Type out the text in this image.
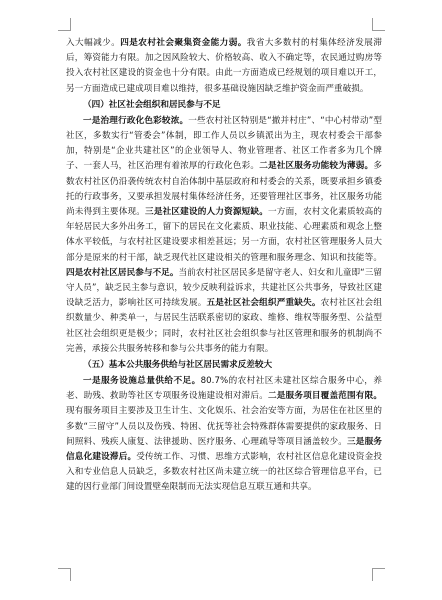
入大幅减少。四是农村社会聚集资金能力弱。我省大多数村的村集体经济发展滞后，筹资能力有限。加之因风险较大、价格较高、收入不确定等，农民通过购房等投入农村社区建设的资金也十分有限。由此一方面造成已经规划的项目难以开工，另一方面造成已建成项目难以维持，很多基础设施因缺乏维护资金而严重破损。

（四）社区社会组织和居民参与不足

一是治理行政化色彩较浓。一些农村社区特别是“撤并村庄”、“中心村带动”型社区，多数实行“管委会”体制，即工作人员以乡镇派出为主，现农村委会干部参加，特别是“企业共建社区”的企业领导人、物业管理者、社区工作者多为几个牌子、一套人马，社区治理有着浓厚的行政化色彩。二是社区服务功能较为薄弱。多数农村社区仍沿袭传统农村自治体制中基层政府和村委会的关系，既要承担乡镇委托的行政事务，又要承担发展村集体经济任务，还要管理社区事务，社区服务功能尚未得到主要体现。三是社区建设的人力资源短缺。一方面，农村文化素质较高的年轻居民大多外出务工，留下的居民在文化素质、职业技能、心理素质和观念上整体水平较低，与农村社区建设要求相差甚远；另一方面，农村社区管理服务人员大部分是原来的村干部，缺乏现代社区建设相关的管理和服务理念、知识和技能等。四是农村社区居民参与不足。当前农村社区居民多是留守老人、妇女和儿童即“三留守人员”，缺乏民主参与意识，较少反映利益诉求，共建社区公共事务，导致社区建设缺乏活力，影响社区可持续发展。五是社区社会组织严重缺失。农村社区社会组织数量少、种类单一，与居民生活联系密切的家政、维修、维权等服务型、公益型社区社会组织更是极少；同时，农村社区社会组织参与社区管理和服务的机制尚不完善，承接公共服务转移和参与公共事务的能力有限。

（五）基本公共服务供给与社区居民需求反差较大

一是服务设施总量供给不足。80.7%的农村社区未建社区综合服务中心，养老、助残、救助等社区专项服务设施建设相对滞后。二是服务项目覆盖范围有限。现有服务项目主要涉及卫生计生、文化娱乐、社会治安等方面，为居住在社区里的多数“三留守”人员以及伤残、特困、优抚等社会特殊群体需要提供的家政服务、日间照料、残疾人康复、法律援助、医疗服务、心理疏导等项目涵盖较少。三是服务信息化建设滞后。受传统工作、习惯、思维方式影响，农村社区信息化建设资金投入和专业信息人员缺乏，多数农村社区尚未建立统一的社区综合管理信息平台，已建的因行业部门间设置壁垒限制而无法实现信息互联互通和共享。
